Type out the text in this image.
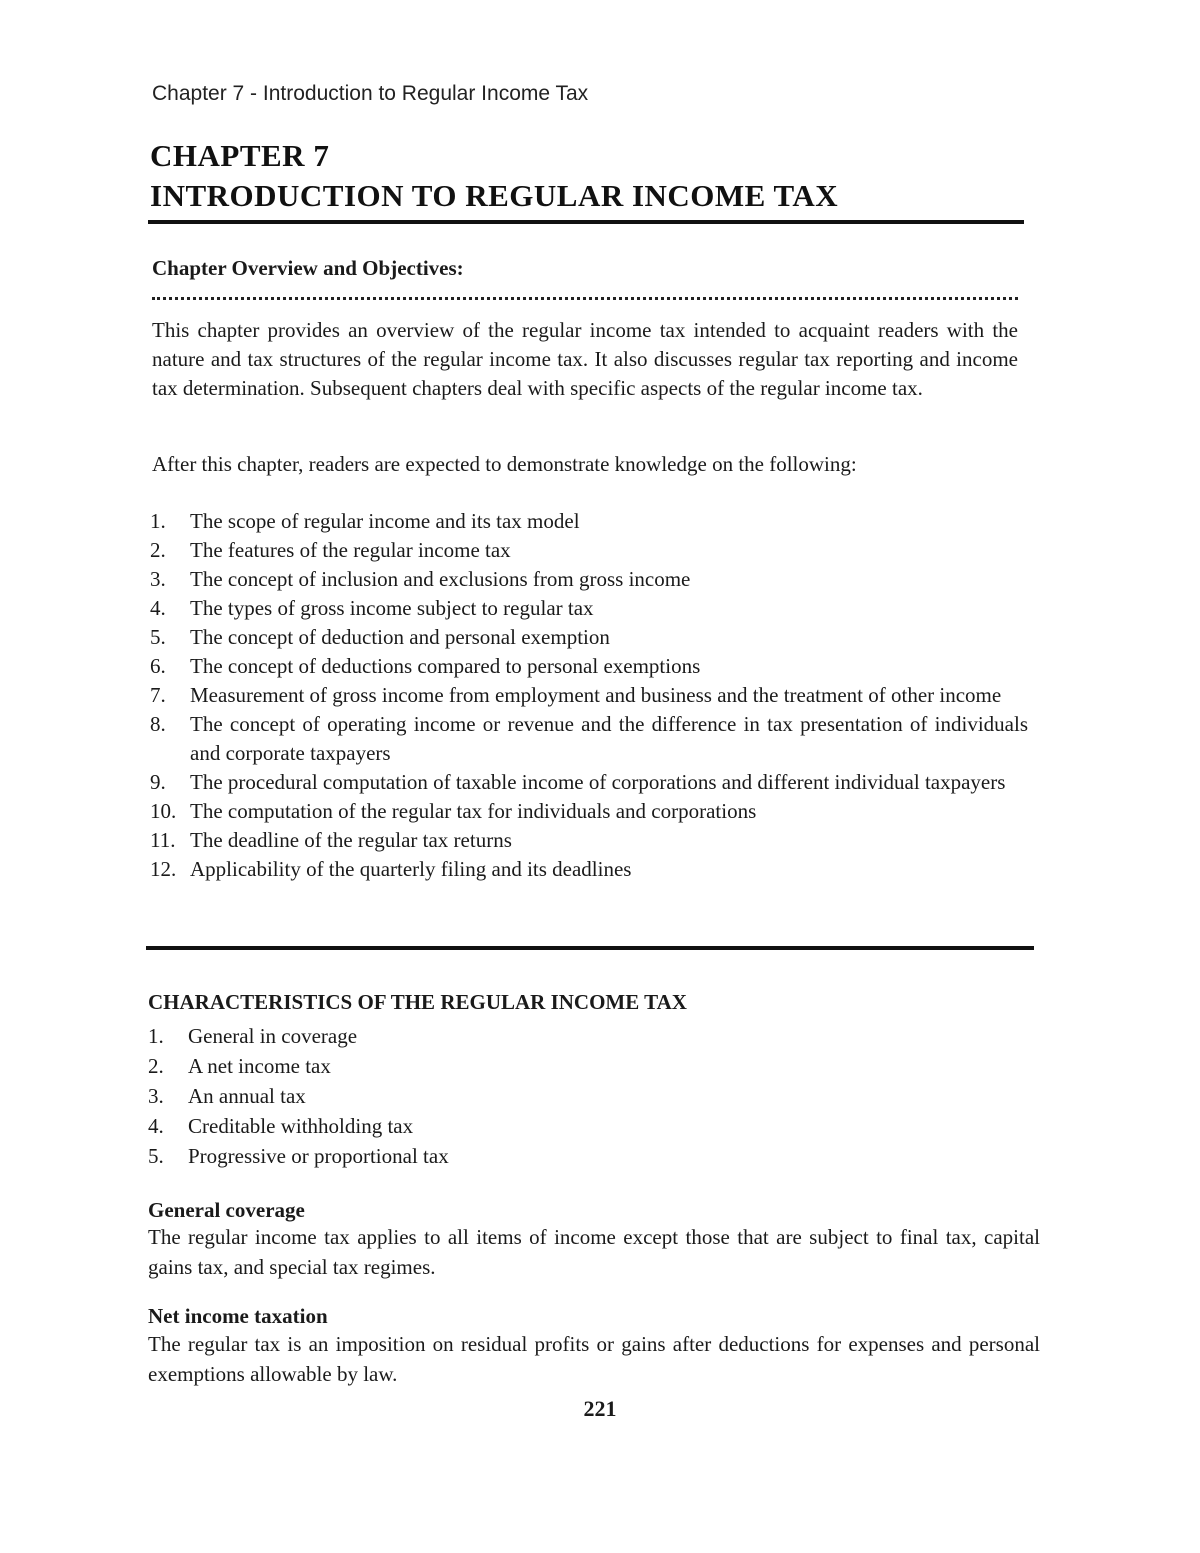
Chapter 7 - Introduction to Regular Income Tax
CHAPTER 7
INTRODUCTION TO REGULAR INCOME TAX
Chapter Overview and Objectives:

This chapter provides an overview of the regular income tax intended to acquaint readers with the nature and tax structures of the regular income tax. It also discusses regular tax reporting and income tax determination. Subsequent chapters deal with specific aspects of the regular income tax.

After this chapter, readers are expected to demonstrate knowledge on the following:

1.	The scope of regular income and its tax model
2.	The features of the regular income tax
3.	The concept of inclusion and exclusions from gross income
4.	The types of gross income subject to regular tax
5.	The concept of deduction and personal exemption
6.	The concept of deductions compared to personal exemptions
7.	Measurement of gross income from employment and business and the treatment of other income
8.	The concept of operating income or revenue and the difference in tax presentation of individuals and corporate taxpayers
9.	The procedural computation of taxable income of corporations and different individual taxpayers
10. The computation of the regular tax for individuals and corporations
11. The deadline of the regular tax returns
12. Applicability of the quarterly filing and its deadlines
CHARACTERISTICS OF THE REGULAR INCOME TAX
1.	General in coverage
2.	A net income tax
3.	An annual tax
4.	Creditable withholding tax
5.	Progressive or proportional tax
General coverage

The regular income tax applies to all items of income except those that are subject to final tax, capital gains tax, and special tax regimes.

Net income taxation

The regular tax is an imposition on residual profits or gains after deductions for expenses and personal exemptions allowable by law.

221
